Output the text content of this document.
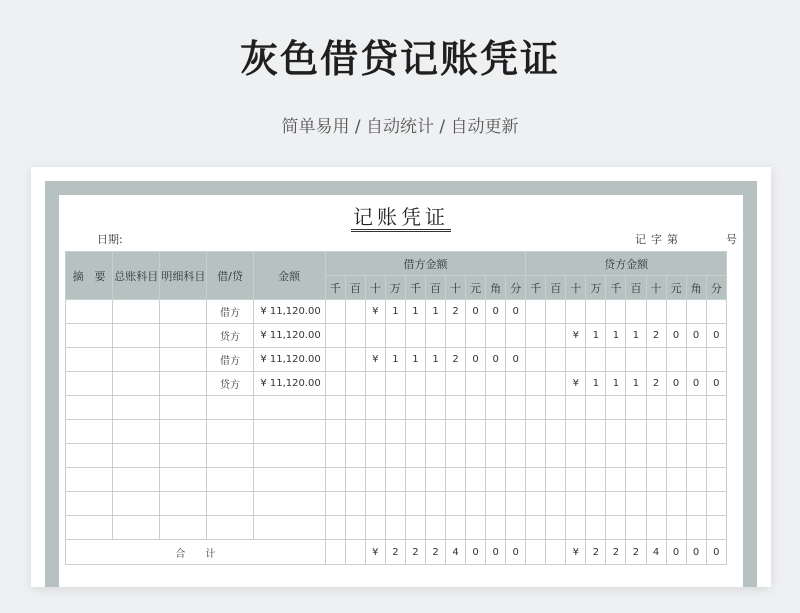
灰色借贷记账凭证
简单易用 / 自动统计 / 自动更新
记账凭证
日期:	记 字 第	号
摘　要	总账科目	明细科目	借/贷	金额	借方金额										贷方金额									
					千	百	十	万	千	百	十	元	角	分	千	百	十	万	千	百	十	元	角	分
			借方	¥ 11,120.00			¥	1	1	1	2	0	0	0										
			贷方	¥ 11,120.00													¥	1	1	1	2	0	0	0
			借方	¥ 11,120.00			¥	1	1	1	2	0	0	0										
			贷方	¥ 11,120.00													¥	1	1	1	2	0	0	0

合　　计							¥	2	2	2	4	0	0	0			¥	2	2	2	4	0	0	0
